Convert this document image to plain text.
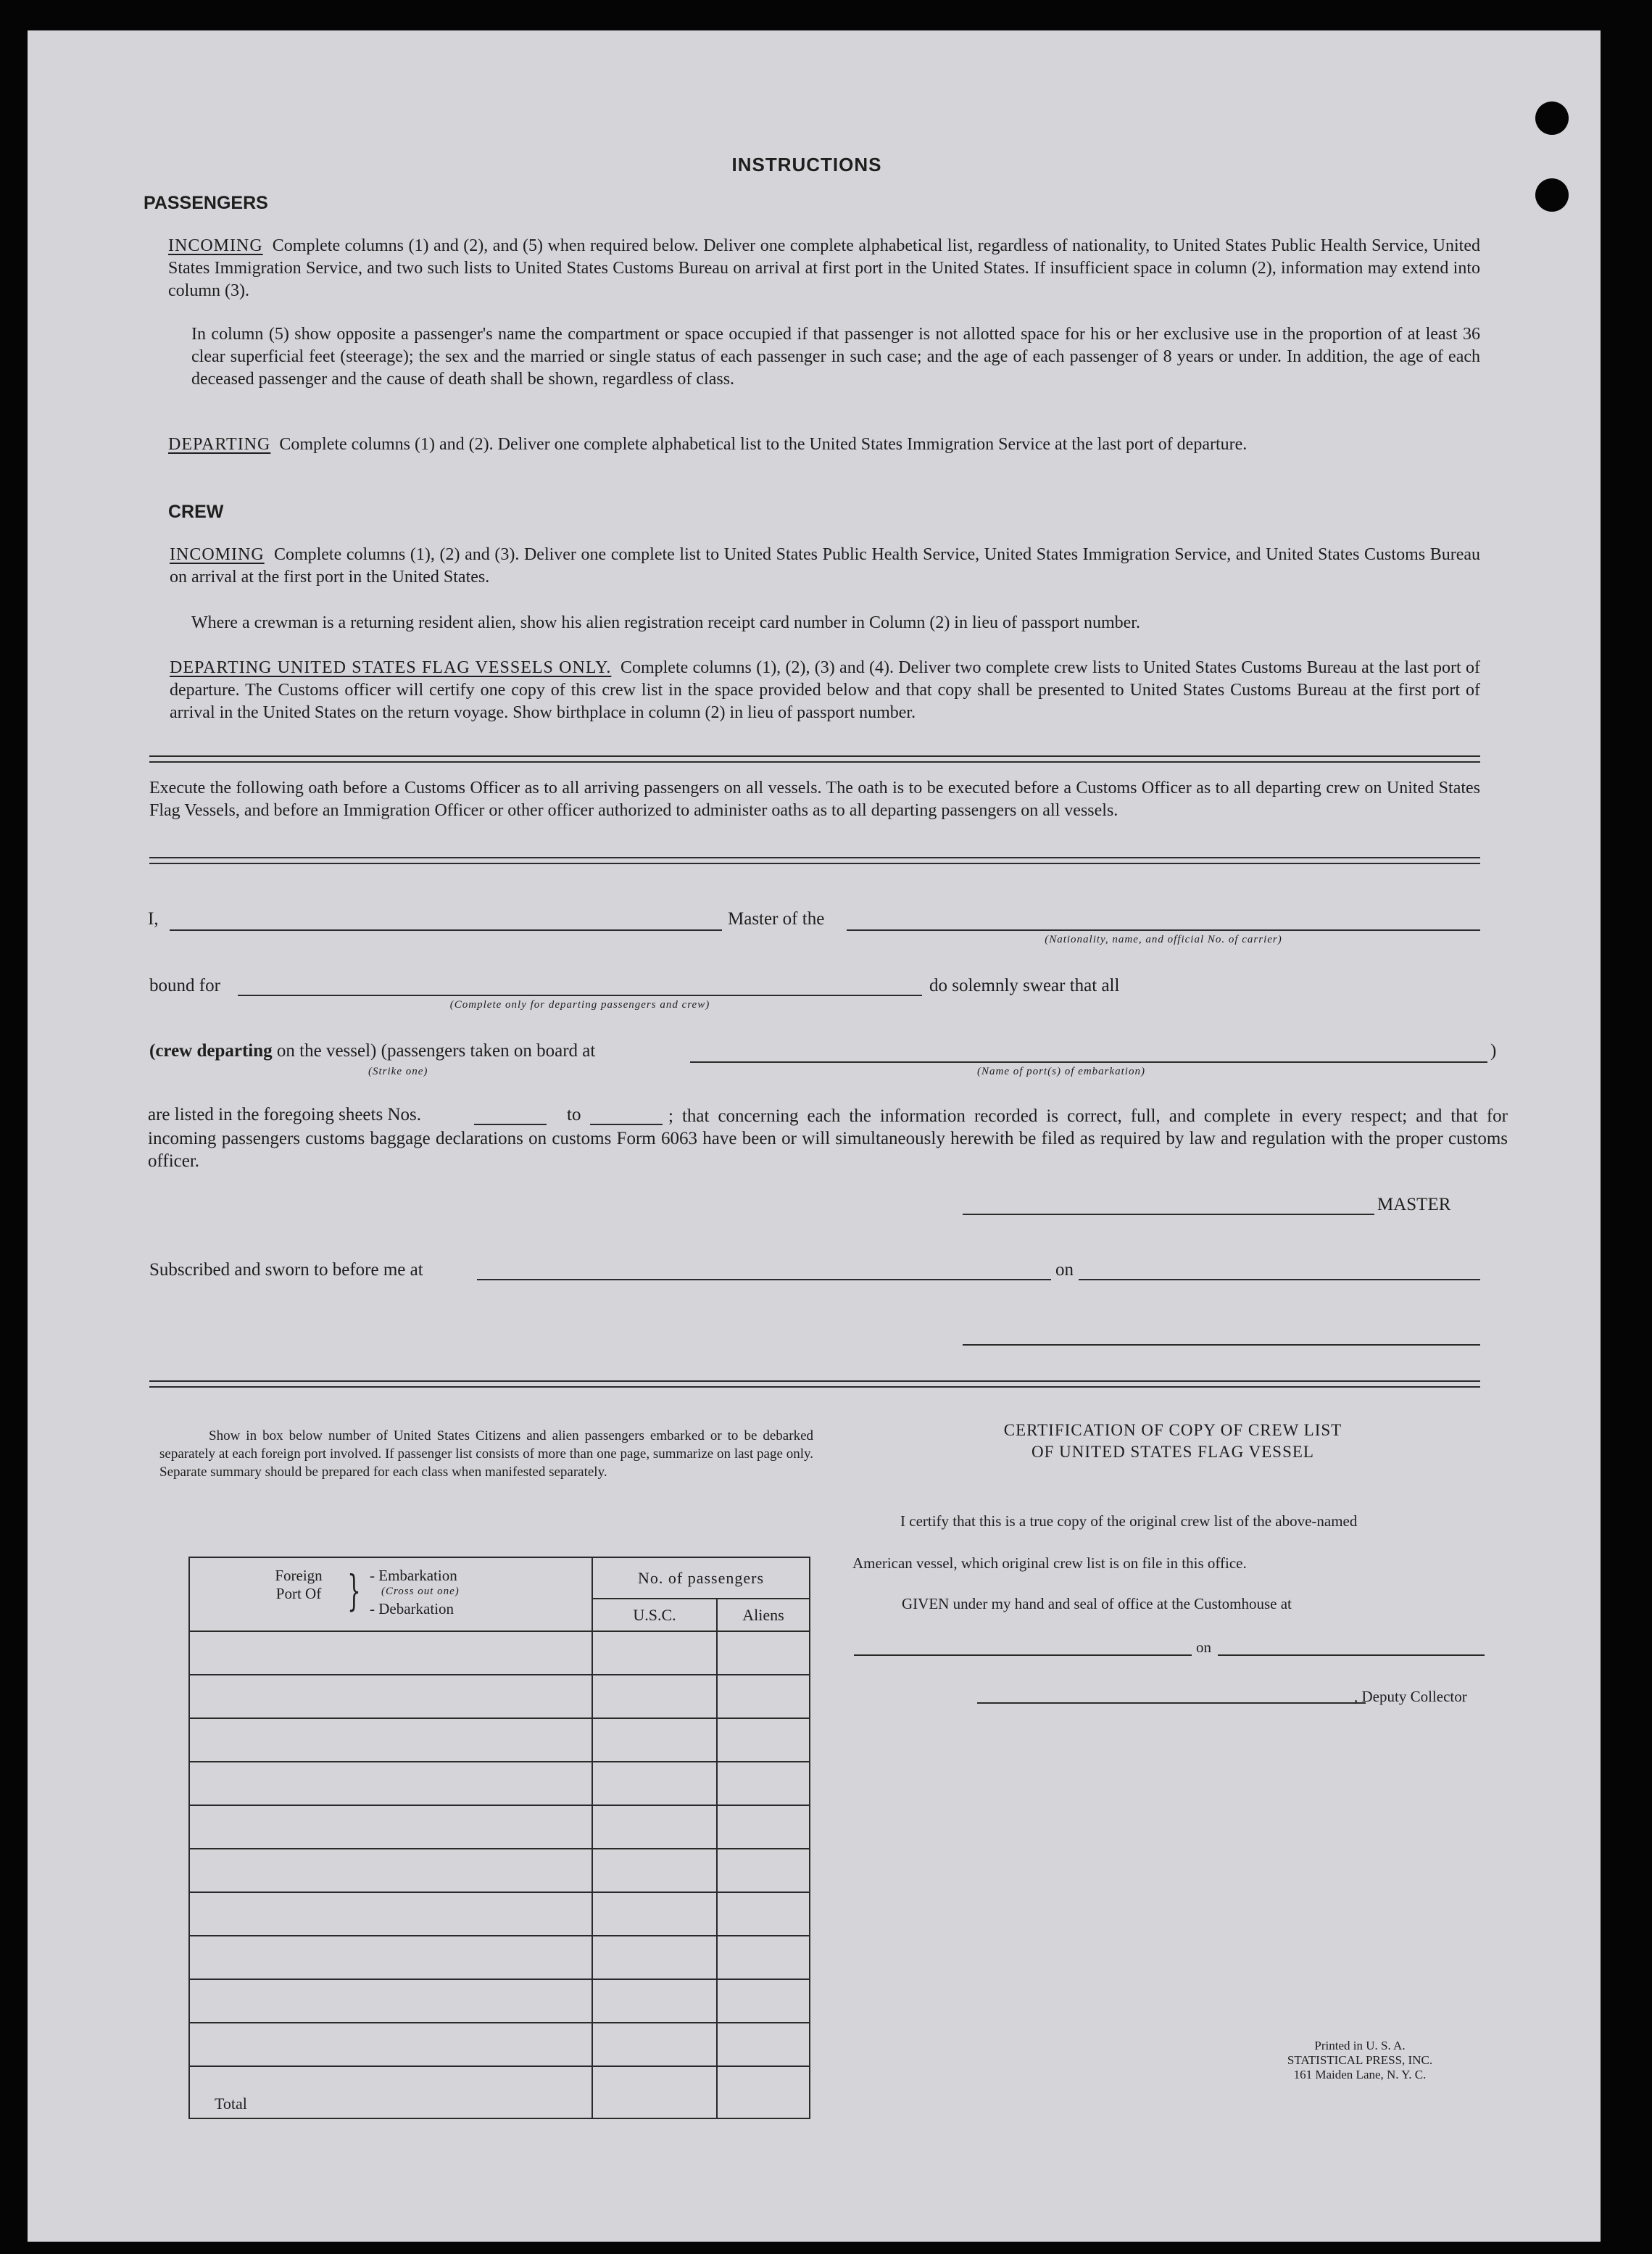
INSTRUCTIONS
PASSENGERS
INCOMING Complete columns (1) and (2), and (5) when required below. Deliver one complete alphabetical list, regardless of nationality, to United States Public Health Service, United States Immigration Service, and two such lists to United States Customs Bureau on arrival at first port in the United States. If insufficient space in column (2), information may extend into column (3).
In column (5) show opposite a passenger's name the compartment or space occupied if that passenger is not allotted space for his or her exclusive use in the proportion of at least 36 clear superficial feet (steerage); the sex and the married or single status of each passenger in such case; and the age of each passenger of 8 years or under. In addition, the age of each deceased passenger and the cause of death shall be shown, regardless of class.
DEPARTING Complete columns (1) and (2). Deliver one complete alphabetical list to the United States Immigration Service at the last port of departure.
CREW
INCOMING Complete columns (1), (2) and (3). Deliver one complete list to United States Public Health Service, United States Immigration Service, and United States Customs Bureau on arrival at the first port in the United States.
Where a crewman is a returning resident alien, show his alien registration receipt card number in Column (2) in lieu of passport number.
DEPARTING UNITED STATES FLAG VESSELS ONLY. Complete columns (1), (2), (3) and (4). Deliver two complete crew lists to United States Customs Bureau at the last port of departure. The Customs officer will certify one copy of this crew list in the space provided below and that copy shall be presented to United States Customs Bureau at the first port of arrival in the United States on the return voyage. Show birthplace in column (2) in lieu of passport number.
Execute the following oath before a Customs Officer as to all arriving passengers on all vessels. The oath is to be executed before a Customs Officer as to all departing crew on United States Flag Vessels, and before an Immigration Officer or other officer authorized to administer oaths as to all departing passengers on all vessels.
I,	Master of the
(Nationality, name, and official No. of carrier)
bound for
(Complete only for departing passengers and crew)
do solemnly swear that all
(crew departing on the vessel) (passengers taken on board at	)
(Strike one)	(Name of port(s) of embarkation)
are listed in the foregoing sheets Nos.	to	; that concerning each the information recorded is correct, full, and complete in every respect; and that for incoming passengers customs baggage declarations on customs Form 6063 have been or will simultaneously herewith be filed as required by law and regulation with the proper customs officer.
MASTER
Subscribed and sworn to before me at	on
Show in box below number of United States Citizens and alien passengers embarked or to be debarked separately at each foreign port involved. If passenger list consists of more than one page, summarize on last page only. Separate summary should be prepared for each class when manifested separately.
Foreign Port Of } - Embarkation
(Cross out one)
- Debarkation	No. of passengers	
	U.S.C.	Aliens

Total		
CERTIFICATION OF COPY OF CREW LIST
OF UNITED STATES FLAG VESSEL
I certify that this is a true copy of the original crew list of the above-named
American vessel, which original crew list is on file in this office.
GIVEN under my hand and seal of office at the Customhouse at
on
, Deputy Collector
Printed in U. S. A.
STATISTICAL PRESS, INC.
161 Maiden Lane, N. Y. C.
